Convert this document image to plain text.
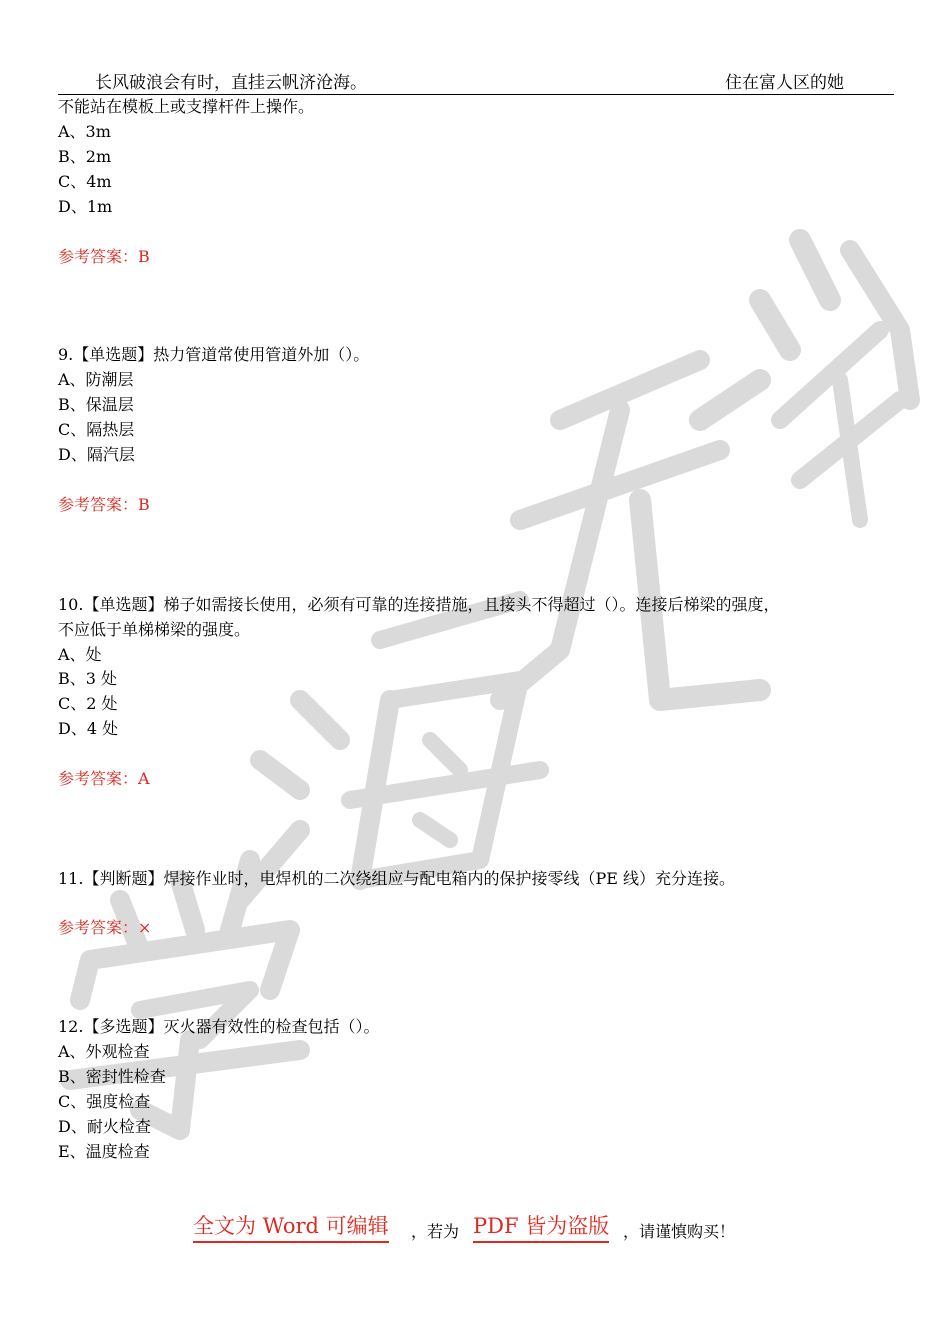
长风破浪会有时，直挂云帆济沧海。	住在富人区的她
不能站在模板上或支撑杆件上操作。
A、3m
B、2m
C、4m
D、1m
参考答案：B
9.【单选题】热力管道常使用管道外加（）。
A、防潮层
B、保温层
C、隔热层
D、隔汽层
参考答案：B
10.【单选题】梯子如需接长使用，必须有可靠的连接措施，且接头不得超过（）。连接后梯梁的强度，
不应低于单梯梯梁的强度。
A、处
B、3 处
C、2 处
D、4 处
参考答案：A
11.【判断题】焊接作业时，电焊机的二次绕组应与配电箱内的保护接零线（PE 线）充分连接。
参考答案：×
12.【多选题】灭火器有效性的检查包括（）。
A、外观检查
B、密封性检查
C、强度检查
D、耐火检查
E、温度检查
全文为 Word 可编辑 ，若为 PDF 皆为盗版 ，请谨慎购买！
